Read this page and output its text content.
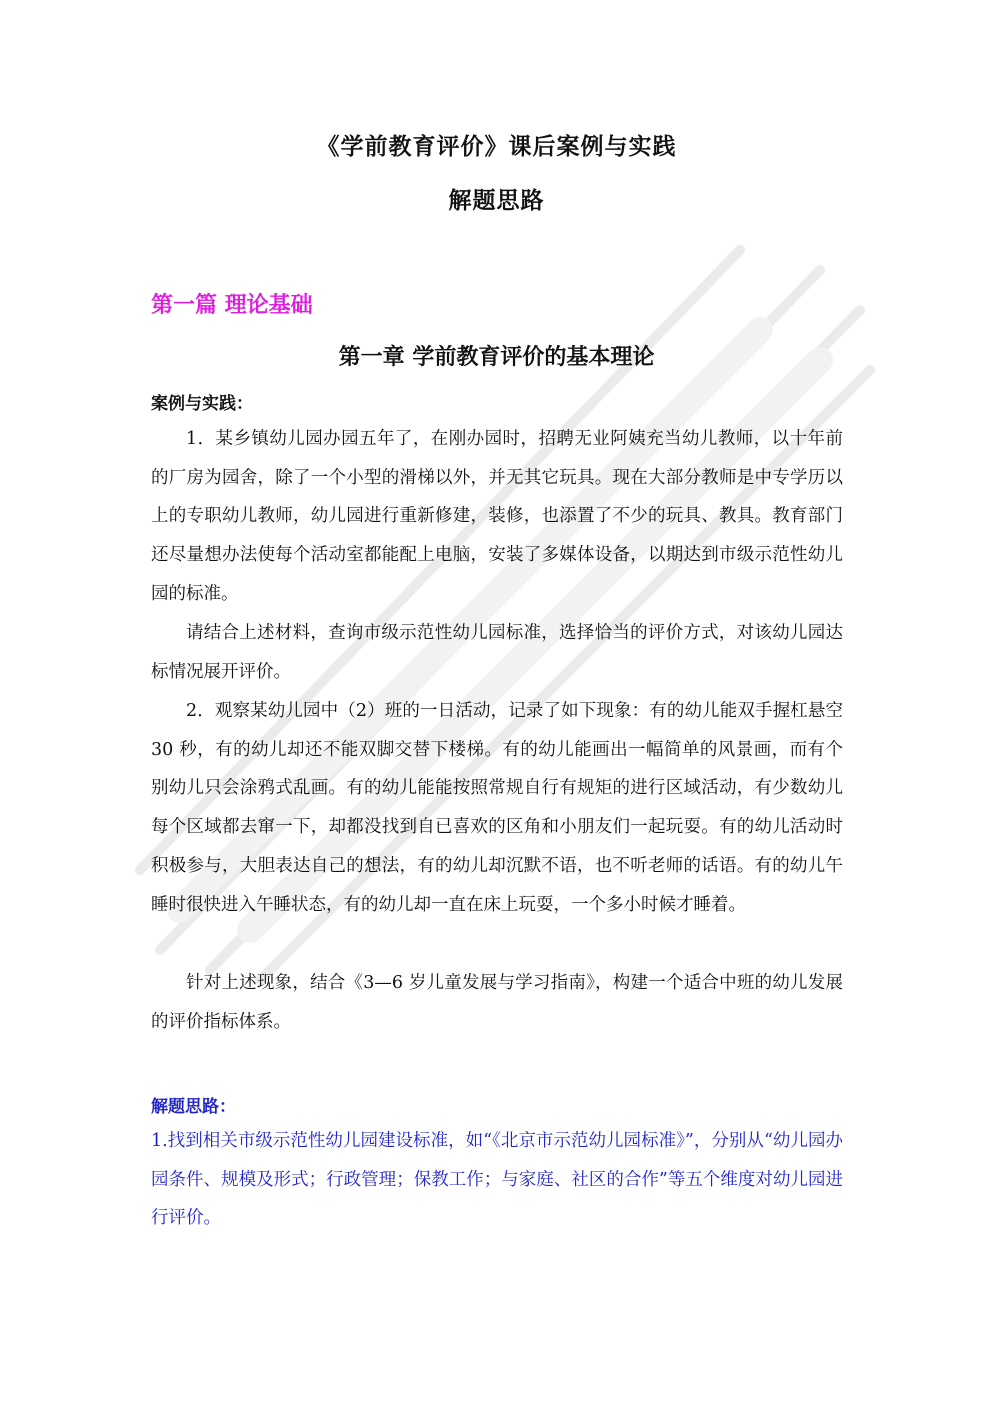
《学前教育评价》课后案例与实践
解题思路
第一篇 理论基础
第一章 学前教育评价的基本理论
案例与实践：

1．某乡镇幼儿园办园五年了，在刚办园时，招聘无业阿姨充当幼儿教师，以十年前的厂房为园舍，除了一个小型的滑梯以外，并无其它玩具。现在大部分教师是中专学历以上的专职幼儿教师，幼儿园进行重新修建，装修，也添置了不少的玩具、教具。教育部门还尽量想办法使每个活动室都能配上电脑，安装了多媒体设备，以期达到市级示范性幼儿园的标准。

请结合上述材料，查询市级示范性幼儿园标准，选择恰当的评价方式，对该幼儿园达标情况展开评价。

2．观察某幼儿园中（2）班的一日活动，记录了如下现象：有的幼儿能双手握杠悬空 30 秒，有的幼儿却还不能双脚交替下楼梯。有的幼儿能画出一幅简单的风景画，而有个别幼儿只会涂鸦式乱画。有的幼儿能能按照常规自行有规矩的进行区域活动，有少数幼儿每个区域都去窜一下，却都没找到自已喜欢的区角和小朋友们一起玩耍。有的幼儿活动时积极参与，大胆表达自己的想法，有的幼儿却沉默不语，也不听老师的话语。有的幼儿午睡时很快进入午睡状态，有的幼儿却一直在床上玩耍，一个多小时候才睡着。

针对上述现象，结合《3—6 岁儿童发展与学习指南》，构建一个适合中班的幼儿发展的评价指标体系。

解题思路：

1.找到相关市级示范性幼儿园建设标准，如“《北京市示范幼儿园标准》”，分别从“幼儿园办园条件、规模及形式；行政管理；保教工作；与家庭、社区的合作”等五个维度对幼儿园进行评价。
